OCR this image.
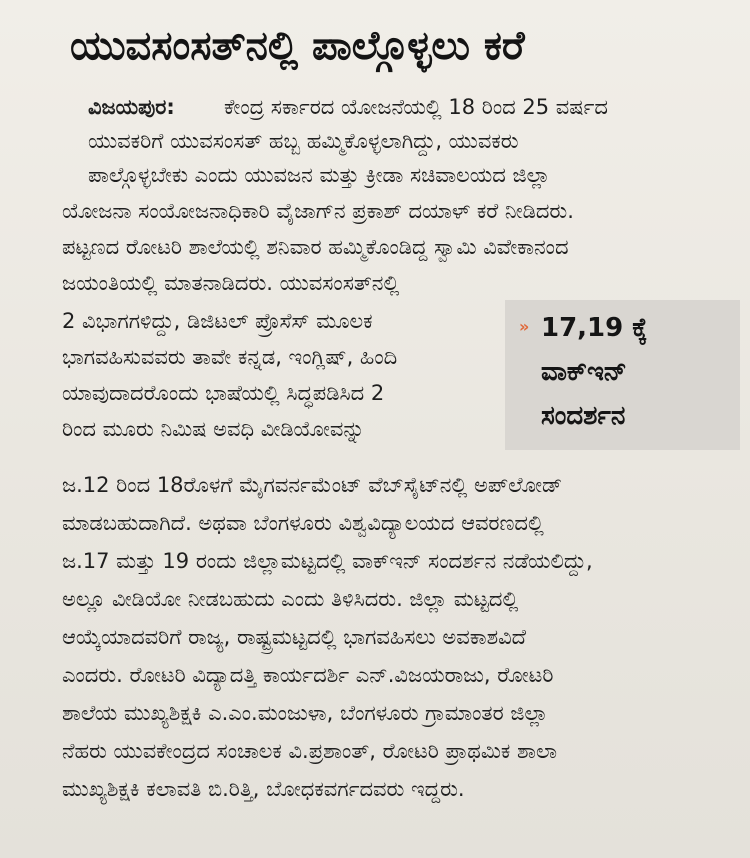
ಯುವಸಂಸತ್‌ನಲ್ಲಿ ಪಾಲ್ಗೊಳ್ಳಲು ಕರೆ
ವಿಜಯಪುರ: ಕೇಂದ್ರ ಸರ್ಕಾರದ ಯೋಜನೆಯಲ್ಲಿ 18 ರಿಂದ 25 ವರ್ಷದ
ಯುವಕರಿಗೆ ಯುವಸಂಸತ್ ಹಬ್ಬ ಹಮ್ಮಿಕೊಳ್ಳಲಾಗಿದ್ದು, ಯುವಕರು
ಪಾಲ್ಗೊಳ್ಳಬೇಕು ಎಂದು ಯುವಜನ ಮತ್ತು ಕ್ರೀಡಾ ಸಚಿವಾಲಯದ ಜಿಲ್ಲಾ
ಯೋಜನಾ ಸಂಯೋಜನಾಧಿಕಾರಿ ವೈಜಾಗ್‌ನ ಪ್ರಕಾಶ್ ದಯಾಳ್ ಕರೆ ನೀಡಿದರು.
ಪಟ್ಟಣದ ರೋಟರಿ ಶಾಲೆಯಲ್ಲಿ ಶನಿವಾರ ಹಮ್ಮಿಕೊಂಡಿದ್ದ ಸ್ವಾಮಿ ವಿವೇಕಾನಂದ
ಜಯಂತಿಯಲ್ಲಿ ಮಾತನಾಡಿದರು. ಯುವಸಂಸತ್‌ನಲ್ಲಿ
2 ವಿಭಾಗಗಳಿದ್ದು, ಡಿಜಿಟಲ್ ಪ್ರೊಸೆಸ್ ಮೂಲಕ
ಭಾಗವಹಿಸುವವರು ತಾವೇ ಕನ್ನಡ, ಇಂಗ್ಲಿಷ್, ಹಿಂದಿ
ಯಾವುದಾದರೊಂದು ಭಾಷೆಯಲ್ಲಿ ಸಿದ್ಧಪಡಿಸಿದ 2
ರಿಂದ ಮೂರು ನಿಮಿಷ ಅವಧಿ ವೀಡಿಯೋವನ್ನು
ಜ.12 ರಿಂದ 18ರೊಳಗೆ ಮೈಗವರ್ನಮೆಂಟ್ ವೆಬ್‌ಸೈಟ್‌ನಲ್ಲಿ ಅಪ್‌ಲೋಡ್
ಮಾಡಬಹುದಾಗಿದೆ. ಅಥವಾ ಬೆಂಗಳೂರು ವಿಶ್ವವಿದ್ಯಾಲಯದ ಆವರಣದಲ್ಲಿ
ಜ.17 ಮತ್ತು 19 ರಂದು ಜಿಲ್ಲಾಮಟ್ಟದಲ್ಲಿ ವಾಕ್‌ಇನ್ ಸಂದರ್ಶನ ನಡೆಯಲಿದ್ದು,
ಅಲ್ಲೂ ವೀಡಿಯೋ ನೀಡಬಹುದು ಎಂದು ತಿಳಿಸಿದರು. ಜಿಲ್ಲಾ ಮಟ್ಟದಲ್ಲಿ
ಆಯ್ಕೆಯಾದವರಿಗೆ ರಾಜ್ಯ, ರಾಷ್ಟ್ರಮಟ್ಟದಲ್ಲಿ ಭಾಗವಹಿಸಲು ಅವಕಾಶವಿದೆ
ಎಂದರು. ರೋಟರಿ ವಿದ್ಯಾದತ್ತಿ ಕಾರ್ಯದರ್ಶಿ ಎನ್.ವಿಜಯರಾಜು, ರೋಟರಿ
ಶಾಲೆಯ ಮುಖ್ಯಶಿಕ್ಷಕಿ ಎ.ಎಂ.ಮಂಜುಳಾ, ಬೆಂಗಳೂರು ಗ್ರಾಮಾಂತರ ಜಿಲ್ಲಾ
ನೆಹರು ಯುವಕೇಂದ್ರದ ಸಂಚಾಲಕ ವಿ.ಪ್ರಶಾಂತ್, ರೋಟರಿ ಪ್ರಾಥಮಿಕ ಶಾಲಾ
ಮುಖ್ಯಶಿಕ್ಷಕಿ ಕಲಾವತಿ ಬಿ.ರಿತ್ತಿ, ಬೋಧಕವರ್ಗದವರು ಇದ್ದರು.
» 17,19 ಕ್ಕೆ
ವಾಕ್‌ಇನ್
ಸಂದರ್ಶನ
